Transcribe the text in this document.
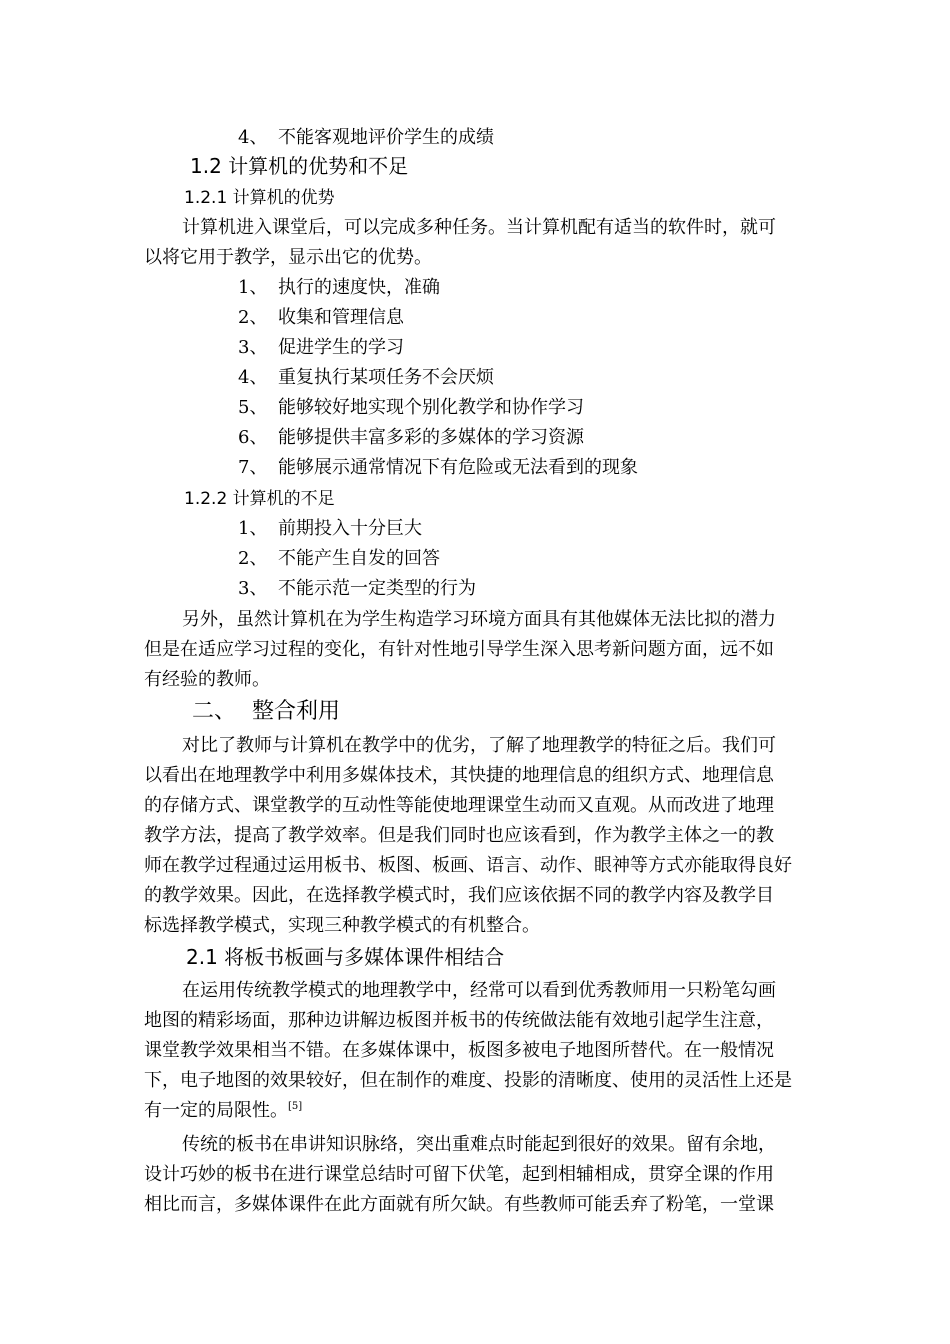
4、 不能客观地评价学生的成绩
1.2 计算机的优势和不足
1.2.1 计算机的优势
计算机进入课堂后，可以完成多种任务。当计算机配有适当的软件时，就可
以将它用于教学，显示出它的优势。
1、 执行的速度快，准确
2、 收集和管理信息
3、 促进学生的学习
4、 重复执行某项任务不会厌烦
5、 能够较好地实现个别化教学和协作学习
6、 能够提供丰富多彩的多媒体的学习资源
7、 能够展示通常情况下有危险或无法看到的现象
1.2.2 计算机的不足
1、 前期投入十分巨大
2、 不能产生自发的回答
3、 不能示范一定类型的行为
另外，虽然计算机在为学生构造学习环境方面具有其他媒体无法比拟的潜力
但是在适应学习过程的变化，有针对性地引导学生深入思考新问题方面，远不如
有经验的教师。
二、 整合利用
对比了教师与计算机在教学中的优劣，了解了地理教学的特征之后。我们可
以看出在地理教学中利用多媒体技术，其快捷的地理信息的组织方式、地理信息
的存储方式、课堂教学的互动性等能使地理课堂生动而又直观。从而改进了地理
教学方法，提高了教学效率。但是我们同时也应该看到，作为教学主体之一的教
师在教学过程通过运用板书、板图、板画、语言、动作、眼神等方式亦能取得良好
的教学效果。因此，在选择教学模式时，我们应该依据不同的教学内容及教学目
标选择教学模式，实现三种教学模式的有机整合。
2.1 将板书板画与多媒体课件相结合
在运用传统教学模式的地理教学中，经常可以看到优秀教师用一只粉笔勾画
地图的精彩场面，那种边讲解边板图并板书的传统做法能有效地引起学生注意，
课堂教学效果相当不错。在多媒体课中，板图多被电子地图所替代。在一般情况
下，电子地图的效果较好，但在制作的难度、投影的清晰度、使用的灵活性上还是
有一定的局限性。[5]
传统的板书在串讲知识脉络，突出重难点时能起到很好的效果。留有余地，
设计巧妙的板书在进行课堂总结时可留下伏笔，起到相辅相成，贯穿全课的作用
相比而言，多媒体课件在此方面就有所欠缺。有些教师可能丢弃了粉笔，一堂课
